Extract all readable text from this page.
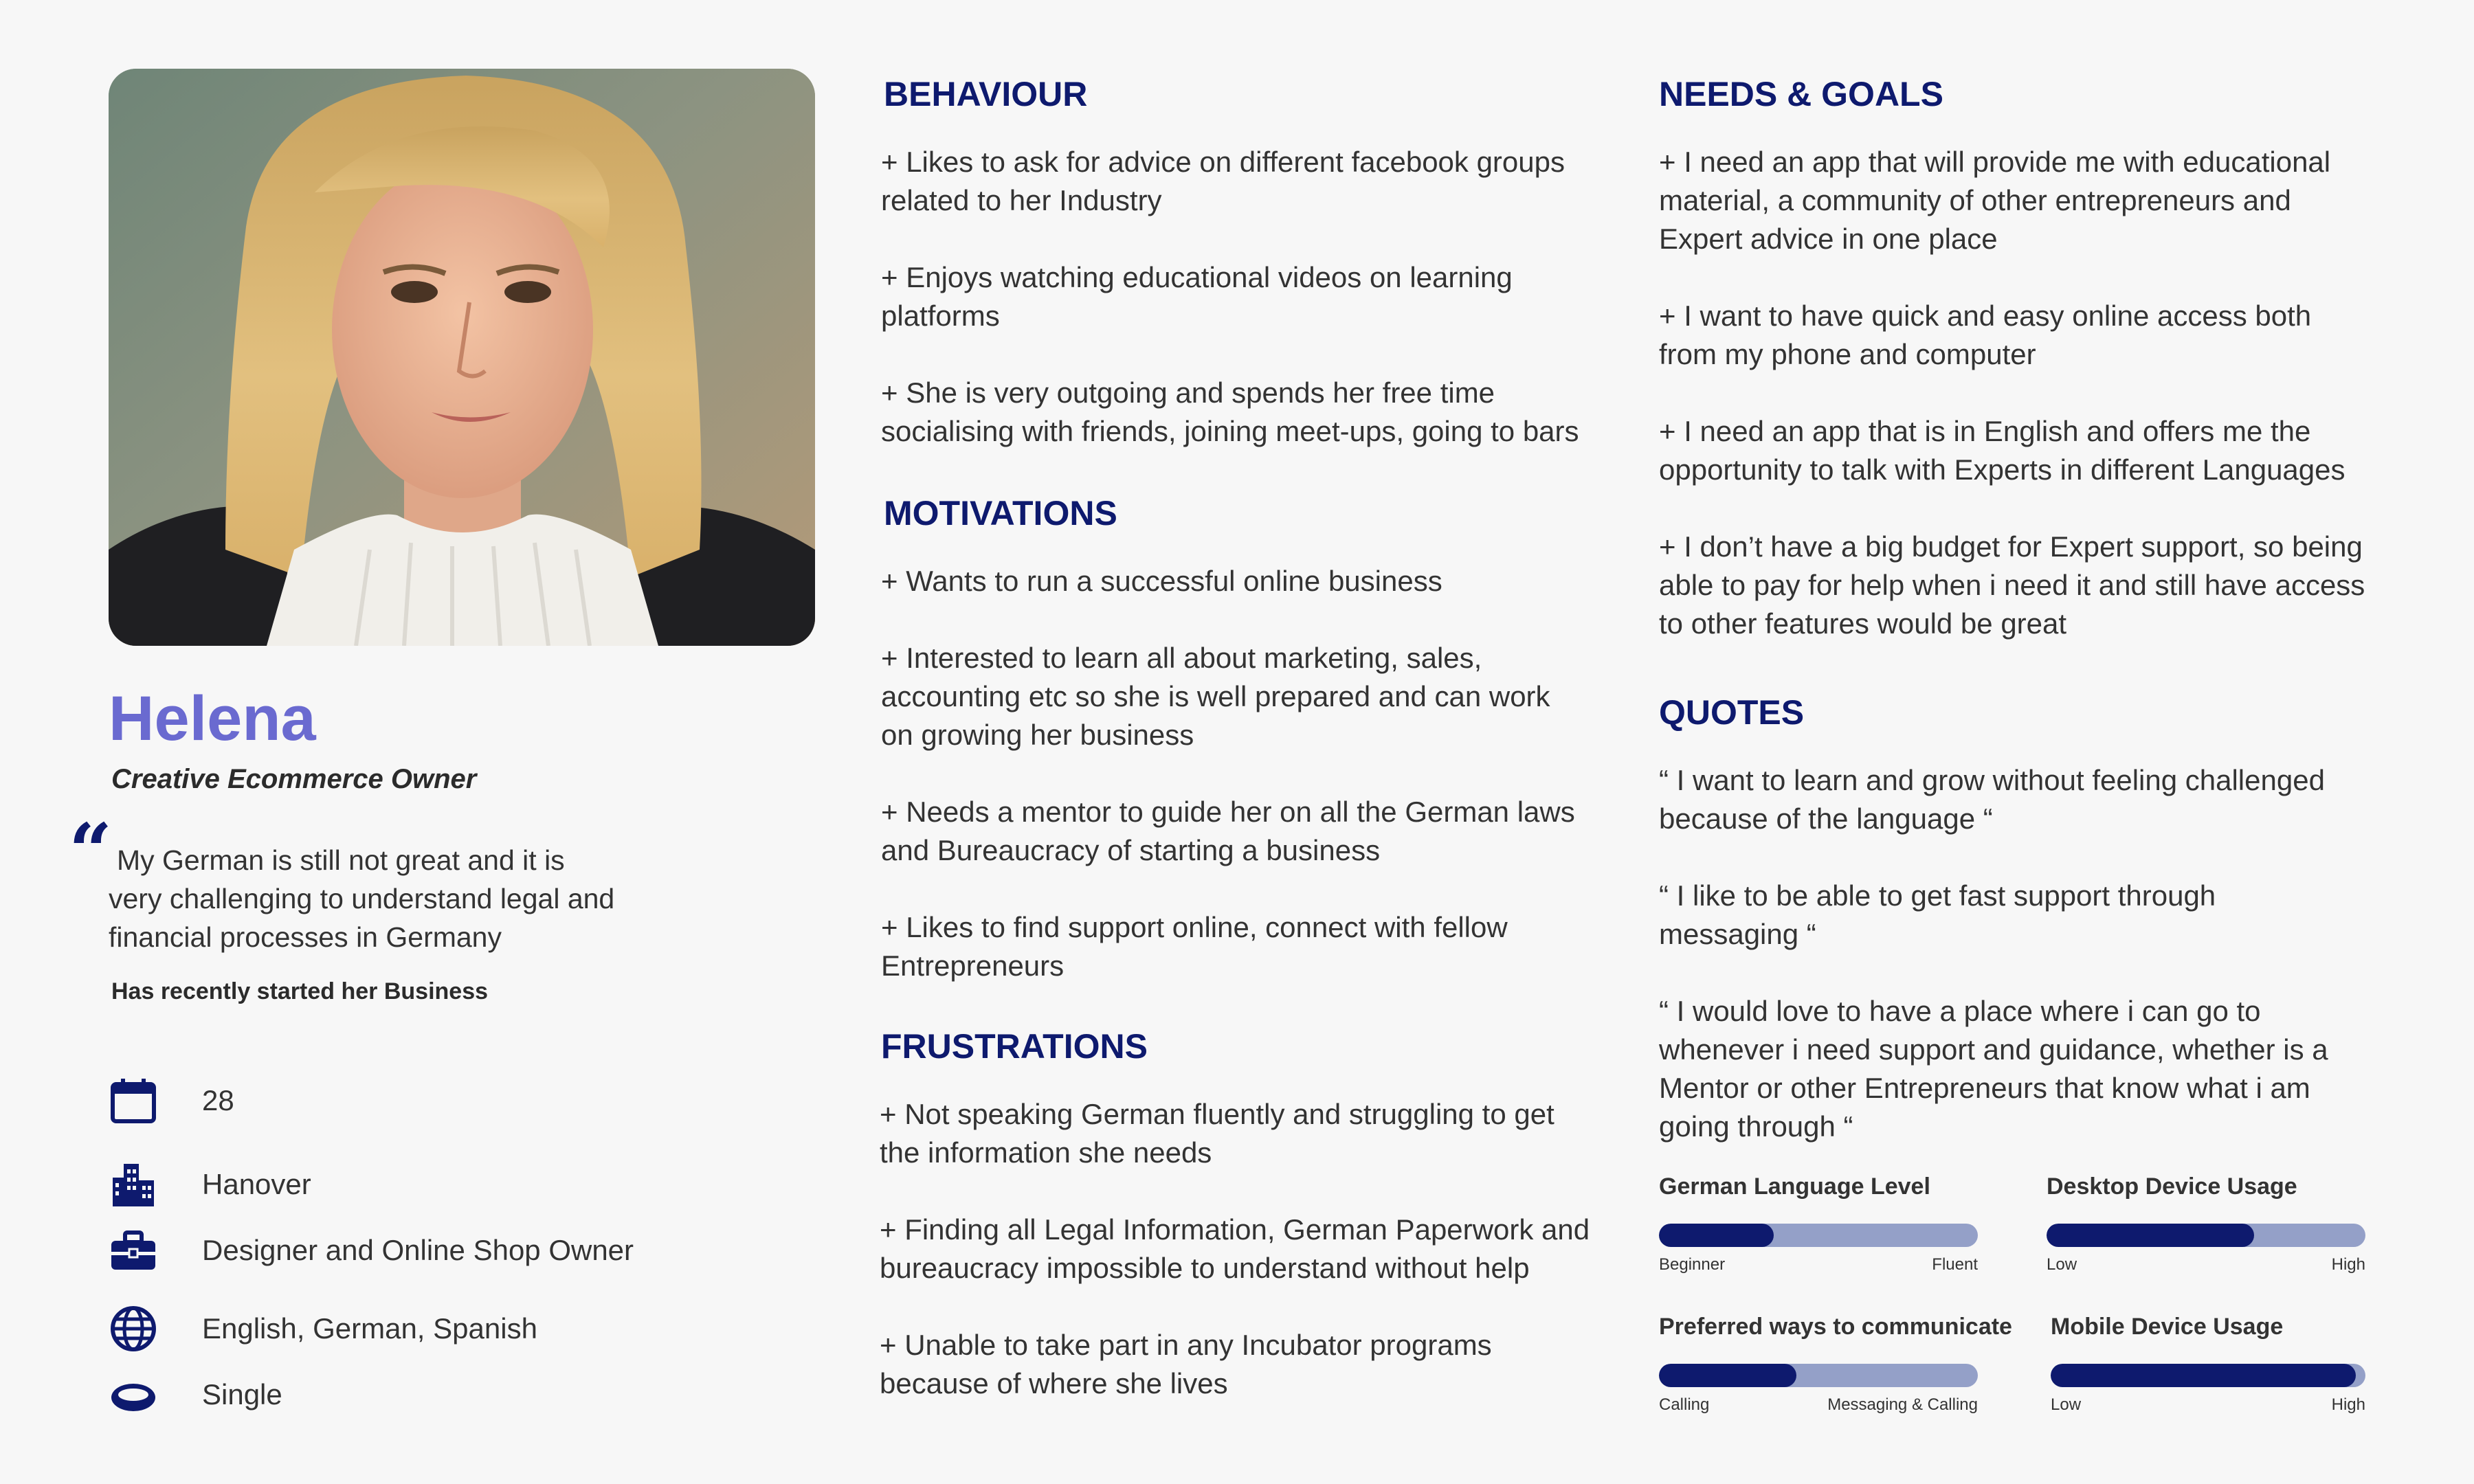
Helena
Creative Ecommerce Owner
“ My German is still not great and it is very challenging to understand legal and financial processes in Germany
Has recently started her Business
28
Hanover
Designer and Online Shop Owner
English, German, Spanish
Single
BEHAVIOUR
+ Likes to ask for advice on different facebook groups related to her Industry
+ Enjoys watching educational videos on learning platforms
+ She is very outgoing and spends her free time socialising with friends, joining meet-ups, going to bars
MOTIVATIONS
+ Wants to run a successful online business
+ Interested to learn all about marketing, sales, accounting etc so she is well prepared and can work on growing her business
+ Needs a mentor to guide her on all the German laws and Bureaucracy of starting a business
+ Likes to find support online, connect with fellow Entrepreneurs
FRUSTRATIONS
+ Not speaking German fluently and struggling to get the information she needs
+ Finding all Legal Information, German Paperwork and bureaucracy impossible to understand without help
+ Unable to take part in any Incubator programs because of where she lives
NEEDS & GOALS
+ I need an app that will provide me with educational material, a community of other entrepreneurs and Expert advice in one place
+ I want to have quick and easy online access both from my phone and computer
+ I need an app that is in English and offers me the opportunity to talk with Experts in different Languages
+ I don’t have a big budget for Expert support, so being able to pay for help when i need it and still have access to other features would be great
QUOTES
“ I want to learn and grow without feeling challenged because of the language “
“ I like to be able to get fast support through messaging “
“ I would love to have a place where i can go to whenever i need support and guidance, whether is a Mentor or other Entrepreneurs that know what i am going through “
German Language Level
Beginner	Fluent
Desktop Device Usage
Low	High
Preferred ways to communicate
Calling	Messaging & Calling
Mobile Device Usage
Low	High
